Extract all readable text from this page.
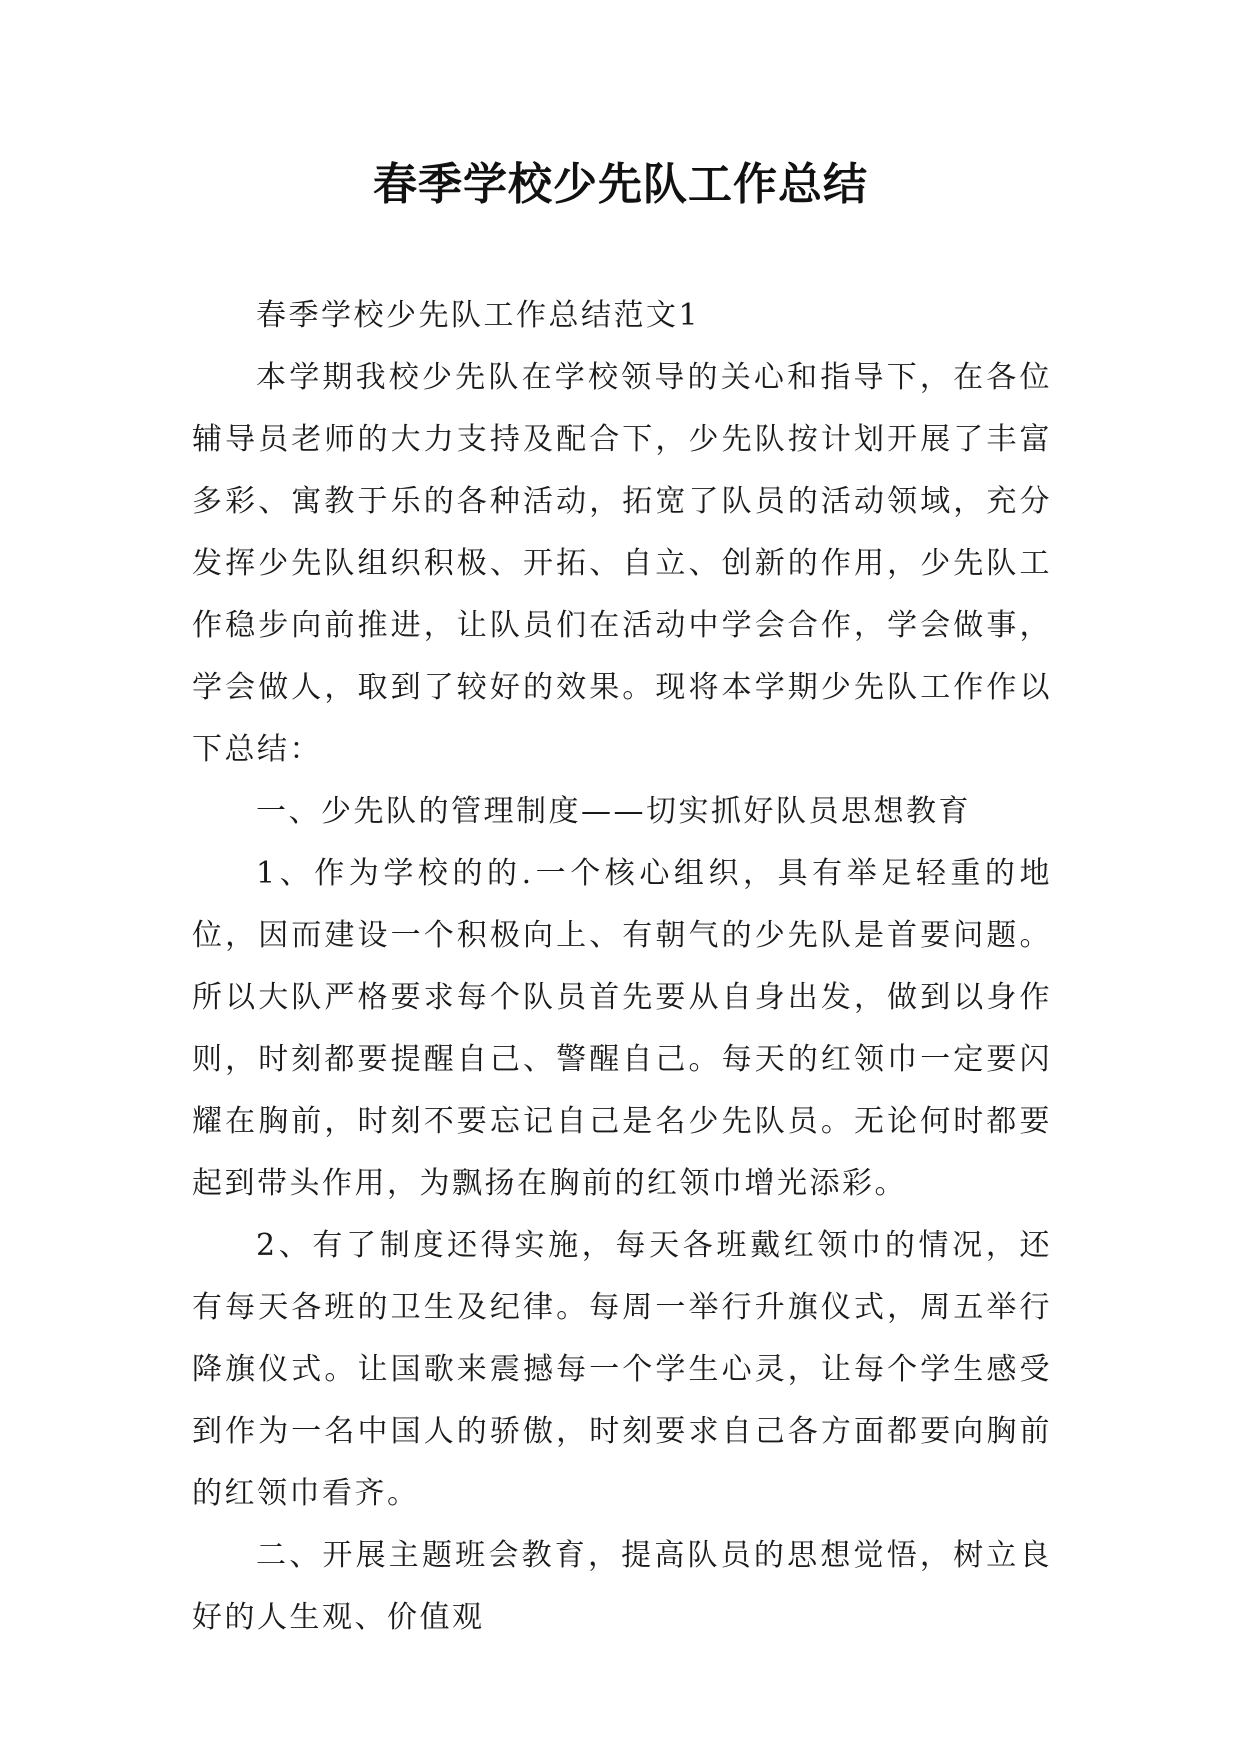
春季学校少先队工作总结

春季学校少先队工作总结范文1

本学期我校少先队在学校领导的关心和指导下，在各位辅导员老师的大力支持及配合下，少先队按计划开展了丰富多彩、寓教于乐的各种活动，拓宽了队员的活动领域，充分发挥少先队组织积极、开拓、自立、创新的作用，少先队工作稳步向前推进，让队员们在活动中学会合作，学会做事，学会做人，取到了较好的效果。现将本学期少先队工作作以下总结：

一、少先队的管理制度——切实抓好队员思想教育

1、作为学校的的.一个核心组织，具有举足轻重的地位，因而建设一个积极向上、有朝气的少先队是首要问题。所以大队严格要求每个队员首先要从自身出发，做到以身作则，时刻都要提醒自己、警醒自己。每天的红领巾一定要闪耀在胸前，时刻不要忘记自己是名少先队员。无论何时都要起到带头作用，为飘扬在胸前的红领巾增光添彩。

2、有了制度还得实施，每天各班戴红领巾的情况，还有每天各班的卫生及纪律。每周一举行升旗仪式，周五举行降旗仪式。让国歌来震撼每一个学生心灵，让每个学生感受到作为一名中国人的骄傲，时刻要求自己各方面都要向胸前的红领巾看齐。

二、开展主题班会教育，提高队员的思想觉悟，树立良好的人生观、价值观
